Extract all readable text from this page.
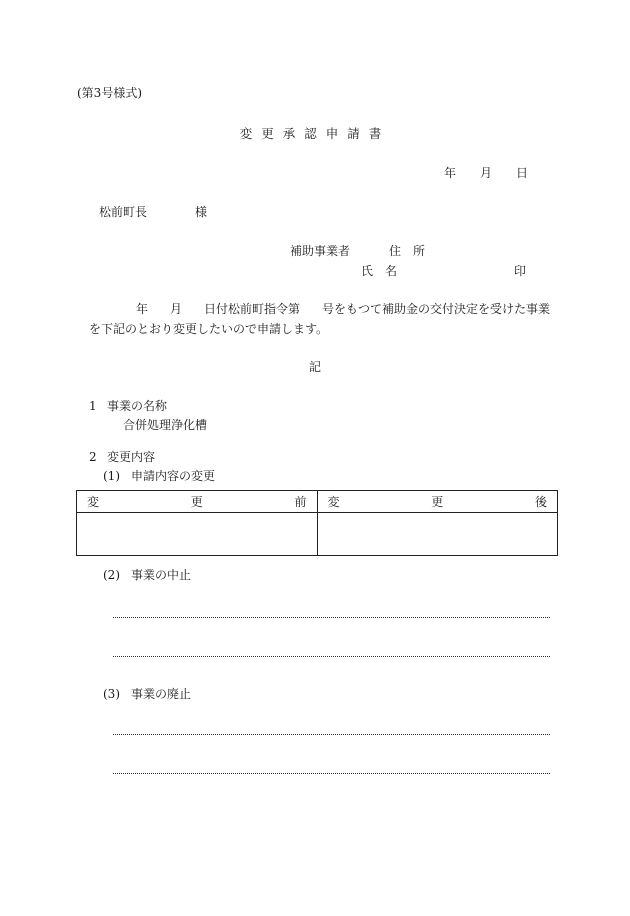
(第3号様式)
変更承認申請書
年 月 日
松前町長	様
補助事業者	住　所
氏　名	印
年 月 日付松前町指令第 号をもつて補助金の交付決定を受けた事業
を下記のとおり変更したいので申請します。
記
1 事業の名称
合併処理浄化槽
2 変更内容
(1) 申請内容の変更
変 更 前	変 更 後

(2) 事業の中止
(3) 事業の廃止
